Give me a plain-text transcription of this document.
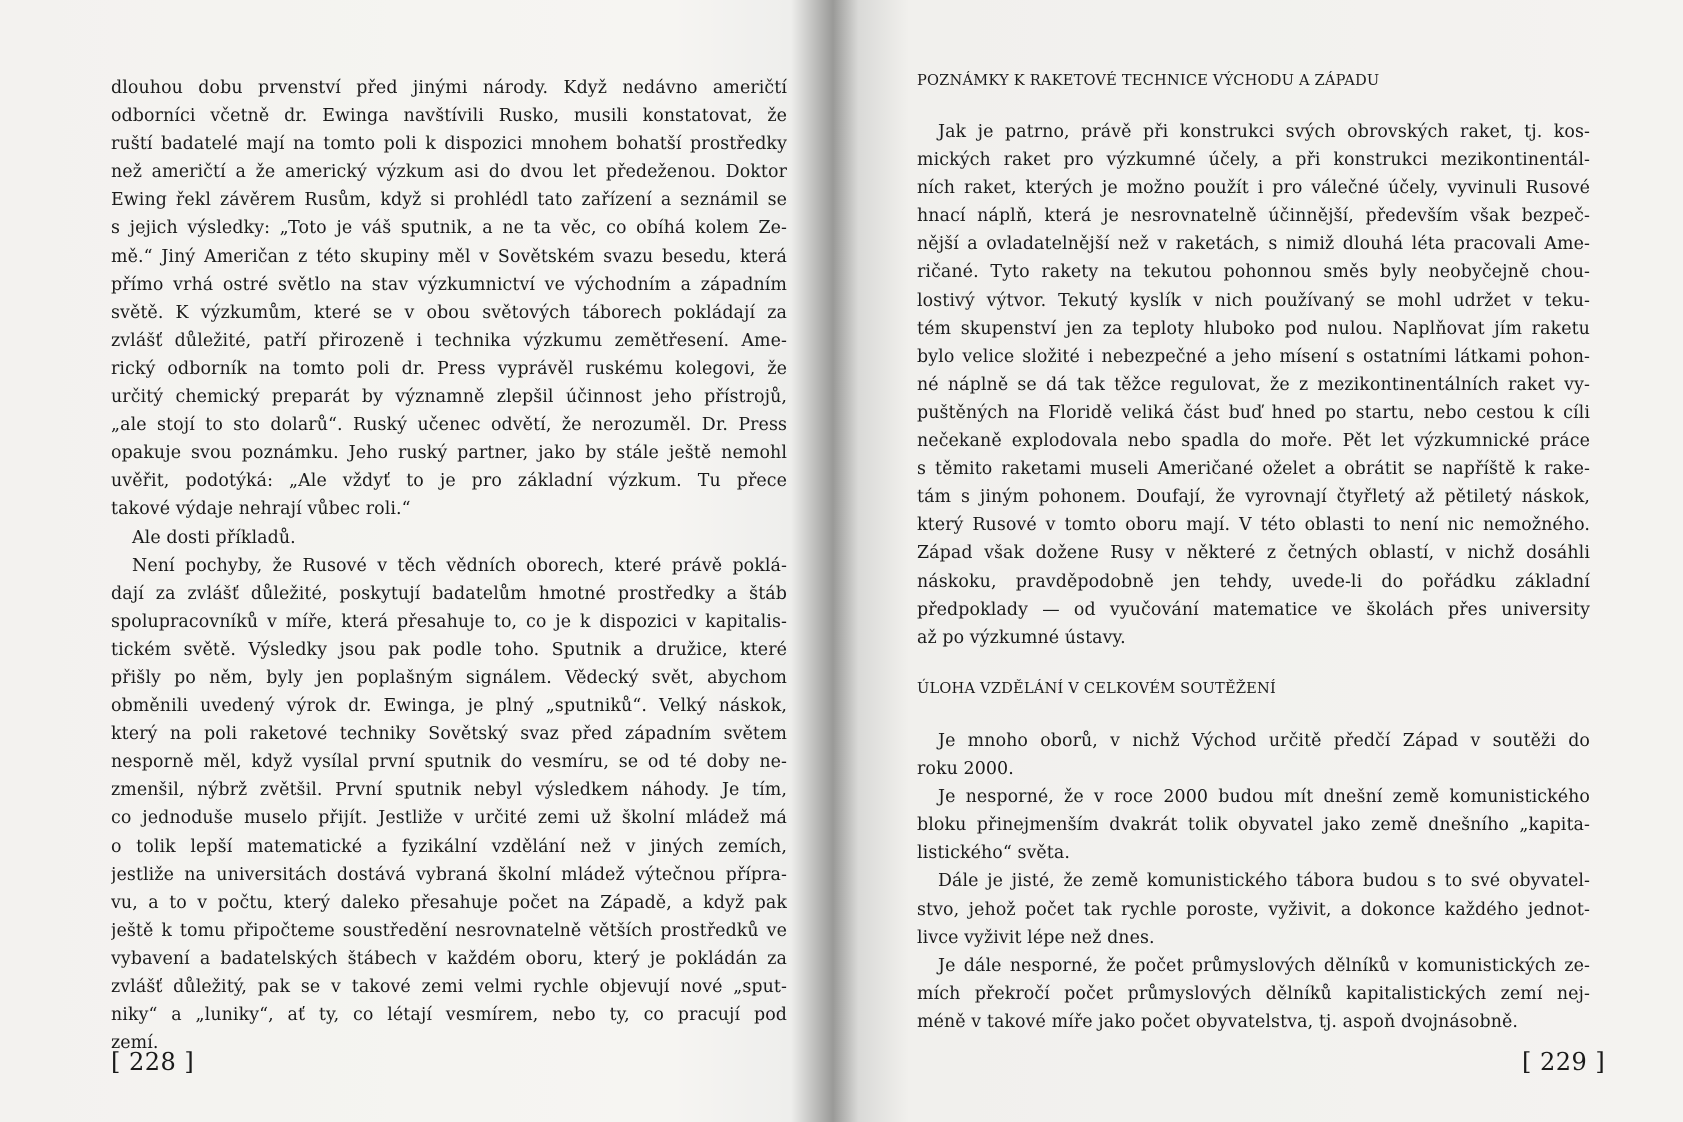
dlouhou dobu prvenství před jinými národy. Když nedávno američtí
odborníci včetně dr. Ewinga navštívili Rusko, musili konstatovat, že
ruští badatelé mají na tomto poli k dispozici mnohem bohatší prostředky
než američtí a že americký výzkum asi do dvou let předeženou. Doktor
Ewing řekl závěrem Rusům, když si prohlédl tato zařízení a seznámil se
s jejich výsledky: „Toto je váš sputnik, a ne ta věc, co obíhá kolem Ze-
mě.“ Jiný Američan z této skupiny měl v Sovětském svazu besedu, která
přímo vrhá ostré světlo na stav výzkumnictví ve východním a západním
světě. K výzkumům, které se v obou světových táborech pokládají za
zvlášť důležité, patří přirozeně i technika výzkumu zemětřesení. Ame-
rický odborník na tomto poli dr. Press vyprávěl ruskému kolegovi, že
určitý chemický preparát by významně zlepšil účinnost jeho přístrojů,
„ale stojí to sto dolarů“. Ruský učenec odvětí, že nerozuměl. Dr. Press
opakuje svou poznámku. Jeho ruský partner, jako by stále ještě nemohl
uvěřit, podotýká: „Ale vždyť to je pro základní výzkum. Tu přece
takové výdaje nehrají vůbec roli.“
Ale dosti příkladů.
Není pochyby, že Rusové v těch vědních oborech, které právě poklá-
dají za zvlášť důležité, poskytují badatelům hmotné prostředky a štáb
spolupracovníků v míře, která přesahuje to, co je k dispozici v kapitalis-
tickém světě. Výsledky jsou pak podle toho. Sputnik a družice, které
přišly po něm, byly jen poplašným signálem. Vědecký svět, abychom
obměnili uvedený výrok dr. Ewinga, je plný „sputniků“. Velký náskok,
který na poli raketové techniky Sovětský svaz před západním světem
nesporně měl, když vysílal první sputnik do vesmíru, se od té doby ne-
zmenšil, nýbrž zvětšil. První sputnik nebyl výsledkem náhody. Je tím,
co jednoduše muselo přijít. Jestliže v určité zemi už školní mládež má
o tolik lepší matematické a fyzikální vzdělání než v jiných zemích,
jestliže na universitách dostává vybraná školní mládež výtečnou přípra-
vu, a to v počtu, který daleko přesahuje počet na Západě, a když pak
ještě k tomu připočteme soustředění nesrovnatelně větších prostředků ve
vybavení a badatelských štábech v každém oboru, který je pokládán za
zvlášť důležitý, pak se v takové zemi velmi rychle objevují nové „sput-
niky“ a „luniky“, ať ty, co létají vesmírem, nebo ty, co pracují pod
zemí.
[ 228 ]
POZNÁMKY K RAKETOVÉ TECHNICE VÝCHODU A ZÁPADU
Jak je patrno, právě při konstrukci svých obrovských raket, tj. kos-
mických raket pro výzkumné účely, a při konstrukci mezikontinentál-
ních raket, kterých je možno použít i pro válečné účely, vyvinuli Rusové
hnací náplň, která je nesrovnatelně účinnější, především však bezpeč-
nější a ovladatelnější než v raketách, s nimiž dlouhá léta pracovali Ame-
ričané. Tyto rakety na tekutou pohonnou směs byly neobyčejně chou-
lostivý výtvor. Tekutý kyslík v nich používaný se mohl udržet v teku-
tém skupenství jen za teploty hluboko pod nulou. Naplňovat jím raketu
bylo velice složité i nebezpečné a jeho mísení s ostatními látkami pohon-
né náplně se dá tak těžce regulovat, že z mezikontinentálních raket vy-
puštěných na Floridě veliká část buď hned po startu, nebo cestou k cíli
nečekaně explodovala nebo spadla do moře. Pět let výzkumnické práce
s těmito raketami museli Američané oželet a obrátit se napříště k rake-
tám s jiným pohonem. Doufají, že vyrovnají čtyřletý až pětiletý náskok,
který Rusové v tomto oboru mají. V této oblasti to není nic nemožného.
Západ však dožene Rusy v některé z četných oblastí, v nichž dosáhli
náskoku, pravděpodobně jen tehdy, uvede-li do pořádku základní
předpoklady — od vyučování matematice ve školách přes university
až po výzkumné ústavy.
ÚLOHA VZDĚLÁNÍ V CELKOVÉM SOUTĚŽENÍ
Je mnoho oborů, v nichž Východ určitě předčí Západ v soutěži do
roku 2000.
Je nesporné, že v roce 2000 budou mít dnešní země komunistického
bloku přinejmenším dvakrát tolik obyvatel jako země dnešního „kapita-
listického“ světa.
Dále je jisté, že země komunistického tábora budou s to své obyvatel-
stvo, jehož počet tak rychle poroste, vyživit, a dokonce každého jednot-
livce vyživit lépe než dnes.
Je dále nesporné, že počet průmyslových dělníků v komunistických ze-
mích překročí počet průmyslových dělníků kapitalistických zemí nej-
méně v takové míře jako počet obyvatelstva, tj. aspoň dvojnásobně.
[ 229 ]
